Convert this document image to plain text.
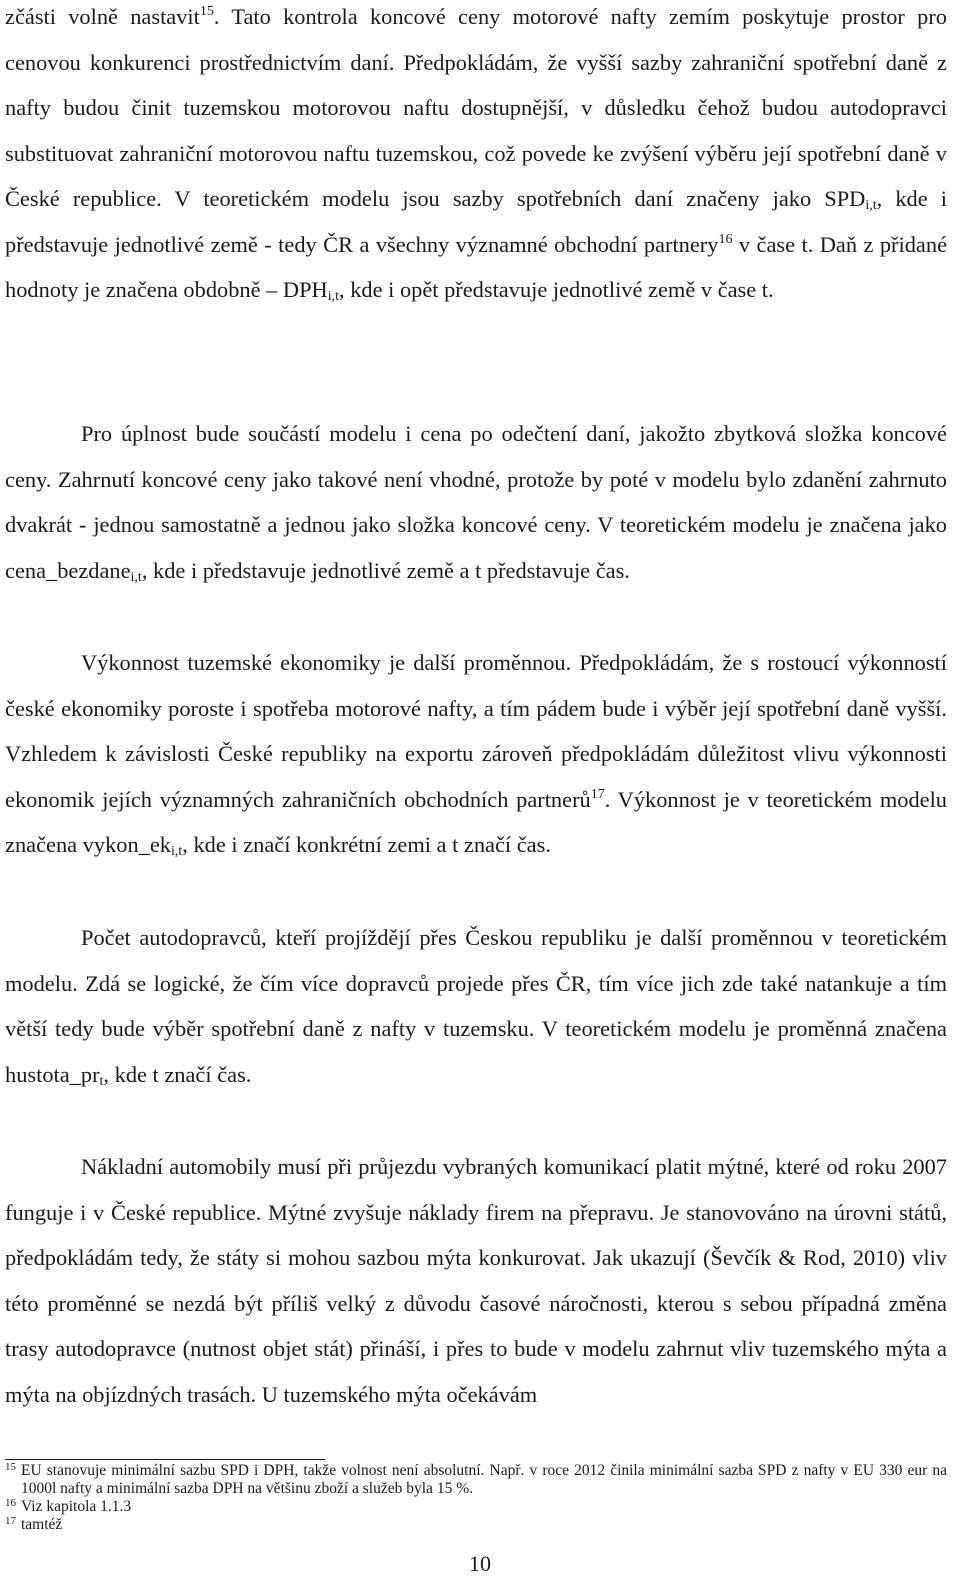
zčásti volně nastavit$^{15}$. Tato kontrola koncové ceny motorové nafty zemím poskytuje prostor pro cenovou konkurenci prostřednictvím daní. Předpokládám, že vyšší sazby zahraniční spotřební daně z nafty budou činit tuzemskou motorovou naftu dostupnější, v důsledku čehož budou autodopravci substituovat zahraniční motorovou naftu tuzemskou, což povede ke zvýšení výběru její spotřební daně v České republice. V teoretickém modelu jsou sazby spotřebních daní značeny jako $SPD_{i,t}$, kde i představuje jednotlivé země - tedy ČR a všechny významné obchodní partnery$^{16}$ v čase t. Daň z přidané hodnoty je značena obdobně – $DPH_{i,t}$, kde i opět představuje jednotlivé země v čase t.

Pro úplnost bude součástí modelu i cena po odečtení daní, jakožto zbytková složka koncové ceny. Zahrnutí koncové ceny jako takové není vhodné, protože by poté v modelu bylo zdanění zahrnuto dvakrát - jednou samostatně a jednou jako složka koncové ceny. V teoretickém modelu je značena jako cena_bezdane$_{i,t}$, kde i představuje jednotlivé země a t představuje čas.

Výkonnost tuzemské ekonomiky je další proměnnou. Předpokládám, že s rostoucí výkonností české ekonomiky poroste i spotřeba motorové nafty, a tím pádem bude i výběr její spotřební daně vyšší. Vzhledem k závislosti České republiky na exportu zároveň předpokládám důležitost vlivu výkonnosti ekonomik jejích významných zahraničních obchodních partnerů$^{17}$. Výkonnost je v teoretickém modelu značena $vykon\_ek_{i,t}$, kde i značí konkrétní zemi a t značí čas.

Počet autodopravců, kteří projíždějí přes Českou republiku je další proměnnou v teoretickém modelu. Zdá se logické, že čím více dopravců projede přes ČR, tím více jich zde také natankuje a tím větší tedy bude výběr spotřební daně z nafty v tuzemsku. V teoretickém modelu je proměnná značena $hustota\_pr_t$, kde t značí čas.

Nákladní automobily musí při průjezdu vybraných komunikací platit mýtné, které od roku 2007 funguje i v České republice. Mýtné zvyšuje náklady firem na přepravu. Je stanovováno na úrovni států, předpokládám tedy, že státy si mohou sazbou mýta konkurovat. Jak ukazují (Ševčík & Rod, 2010) vliv této proměnné se nezdá být příliš velký z důvodu časové náročnosti, kterou s sebou případná změna trasy autodopravce (nutnost objet stát) přináší, i přes to bude v modelu zahrnut vliv tuzemského mýta a mýta na objízdných trasách. U tuzemského mýta očekávám

15 EU stanovuje minimální sazbu SPD i DPH, takže volnost není absolutní. Např. v roce 2012 činila minimální sazba SPD z nafty v EU 330 eur na 1000l nafty a minimální sazba DPH na většinu zboží a služeb byla 15 %.

16 Viz kapitola 1.1.3

17 tamtéž

10
